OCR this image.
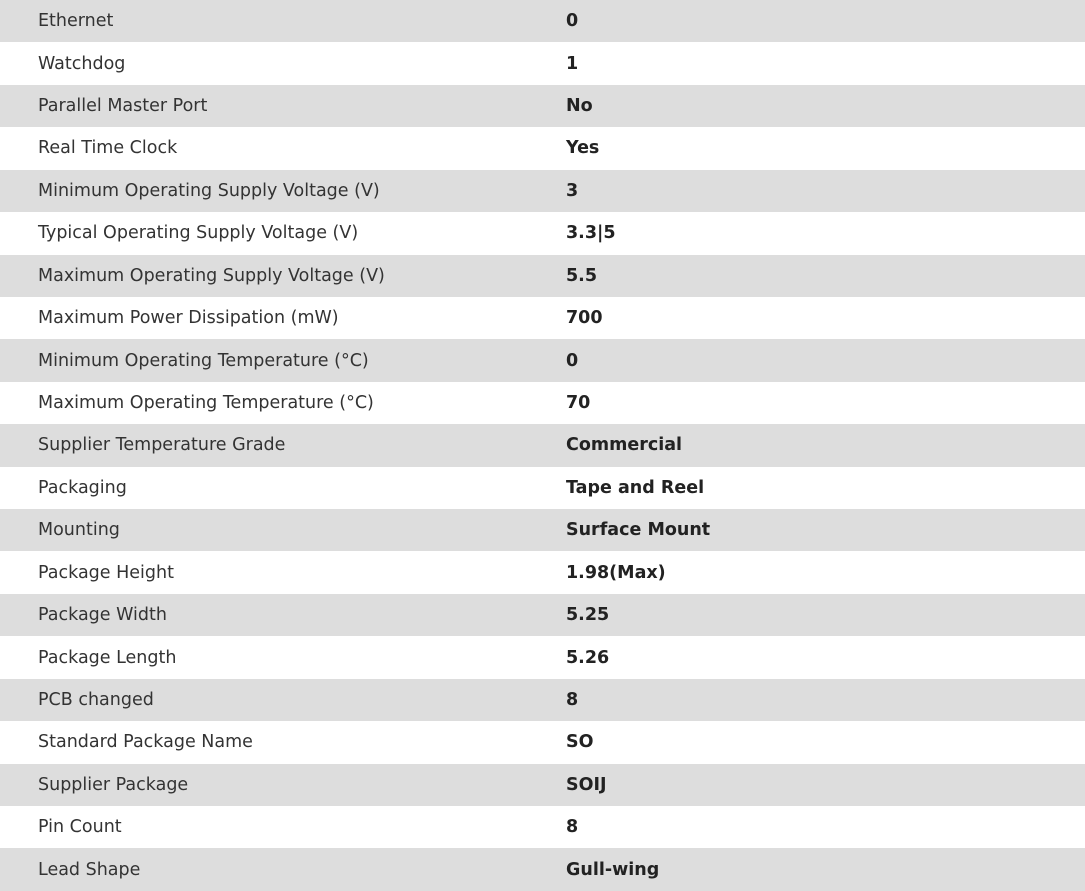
Ethernet	0
Watchdog	1
Parallel Master Port	No
Real Time Clock	Yes
Minimum Operating Supply Voltage (V)	3
Typical Operating Supply Voltage (V)	3.3|5
Maximum Operating Supply Voltage (V)	5.5
Maximum Power Dissipation (mW)	700
Minimum Operating Temperature (°C)	0
Maximum Operating Temperature (°C)	70
Supplier Temperature Grade	Commercial
Packaging	Tape and Reel
Mounting	Surface Mount
Package Height	1.98(Max)
Package Width	5.25
Package Length	5.26
PCB changed	8
Standard Package Name	SO
Supplier Package	SOIJ
Pin Count	8
Lead Shape	Gull-wing
